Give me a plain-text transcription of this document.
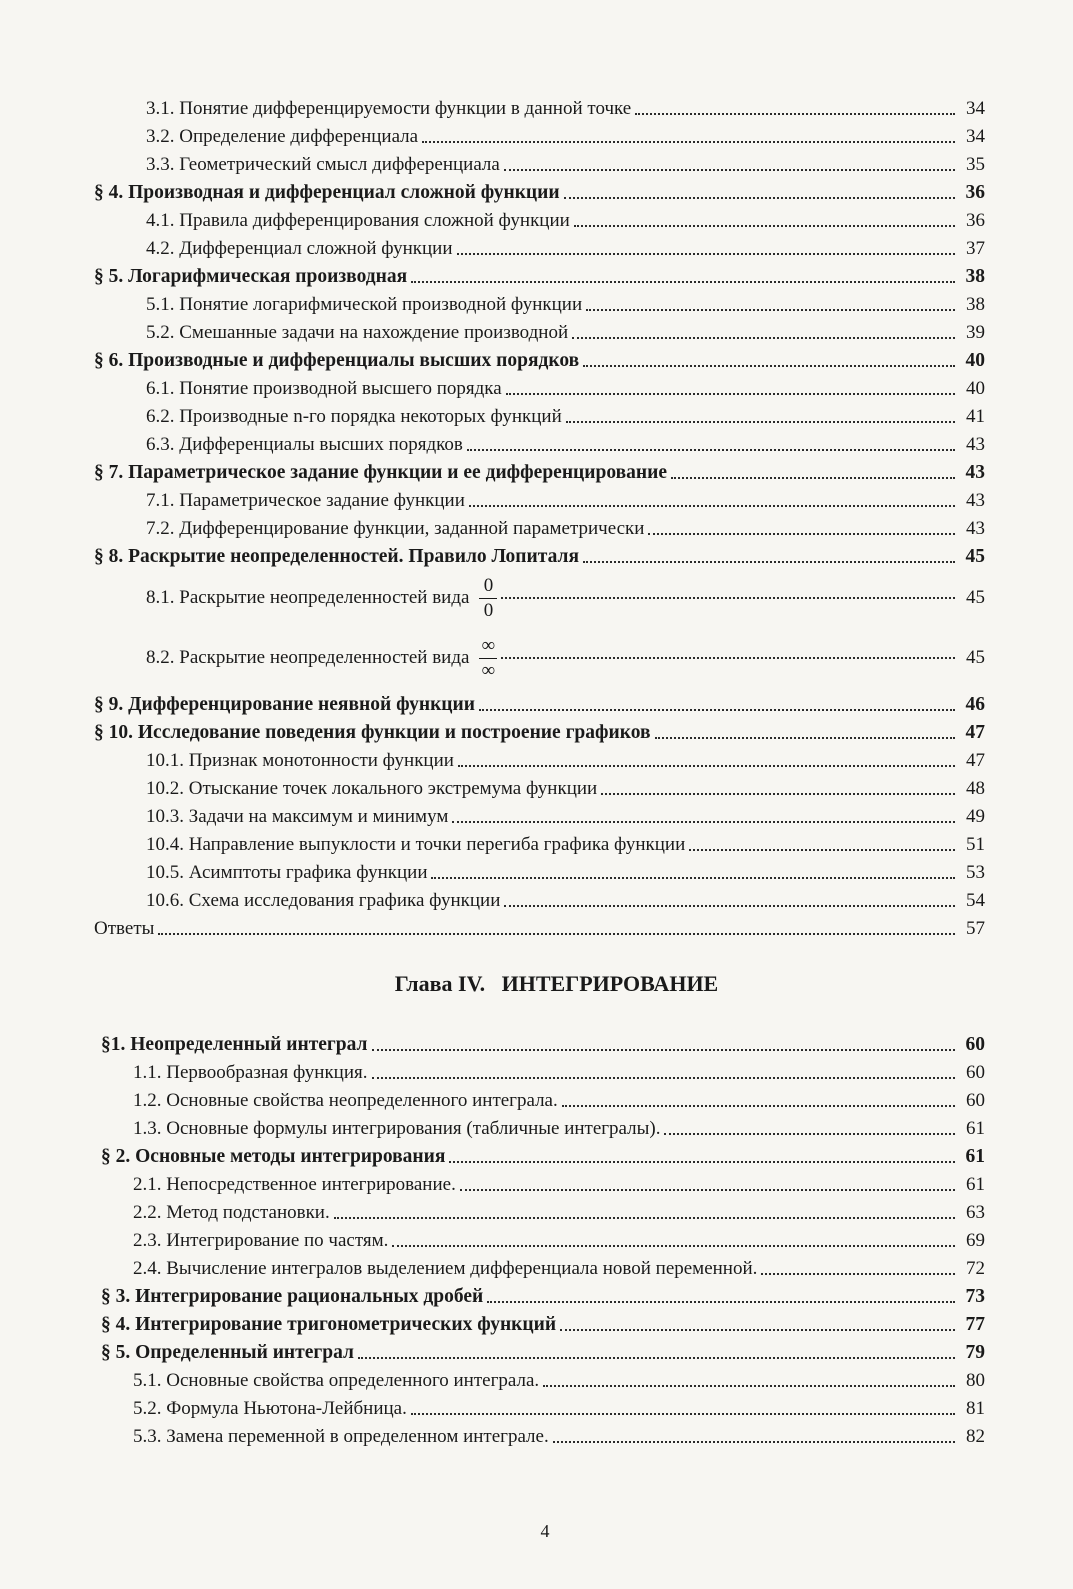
3.1. Понятие дифференцируемости функции в данной точке	34
3.2. Определение дифференциала	34
3.3. Геометрический смысл дифференциала	35
§ 4. Производная и дифференциал сложной функции	36
4.1. Правила дифференцирования сложной функции	36
4.2. Дифференциал сложной функции	37
§ 5. Логарифмическая производная	38
5.1. Понятие логарифмической производной функции	38
5.2. Смешанные задачи на нахождение производной	39
§ 6. Производные и дифференциалы высших порядков	40
6.1. Понятие производной высшего порядка	40
6.2. Производные n-го порядка некоторых функций	41
6.3. Дифференциалы высших порядков	43
§ 7. Параметрическое задание функции и ее дифференцирование	43
7.1. Параметрическое задание функции	43
7.2. Дифференцирование функции, заданной параметрически	43
§ 8. Раскрытие неопределенностей. Правило Лопиталя	45
8.1. Раскрытие неопределенностей вида $\frac{0}{0}$	45
8.2. Раскрытие неопределенностей вида $\frac{\infty}{\infty}$	45
§ 9. Дифференцирование неявной функции	46
§ 10. Исследование поведения функции и построение графиков	47
10.1. Признак монотонности функции	47
10.2. Отыскание точек локального экстремума функции	48
10.3. Задачи на максимум и минимум	49
10.4. Направление выпуклости и точки перегиба графика функции	51
10.5. Асимптоты графика функции	53
10.6. Схема исследования графика функции	54
Ответы	57
Глава IV.   ИНТЕГРИРОВАНИЕ
§1. Неопределенный интеграл	60
1.1. Первообразная функция.	60
1.2. Основные свойства неопределенного интеграла.	60
1.3. Основные формулы интегрирования (табличные интегралы).	61
§ 2. Основные методы интегрирования	61
2.1. Непосредственное интегрирование.	61
2.2. Метод подстановки.	63
2.3. Интегрирование по частям.	69
2.4. Вычисление интегралов выделением дифференциала новой переменной.	72
§ 3. Интегрирование рациональных дробей	73
§ 4. Интегрирование тригонометрических функций	77
§ 5. Определенный интеграл	79
5.1. Основные свойства определенного интеграла.	80
5.2. Формула Ньютона-Лейбница.	81
5.3. Замена переменной в определенном интеграле.	82
4
